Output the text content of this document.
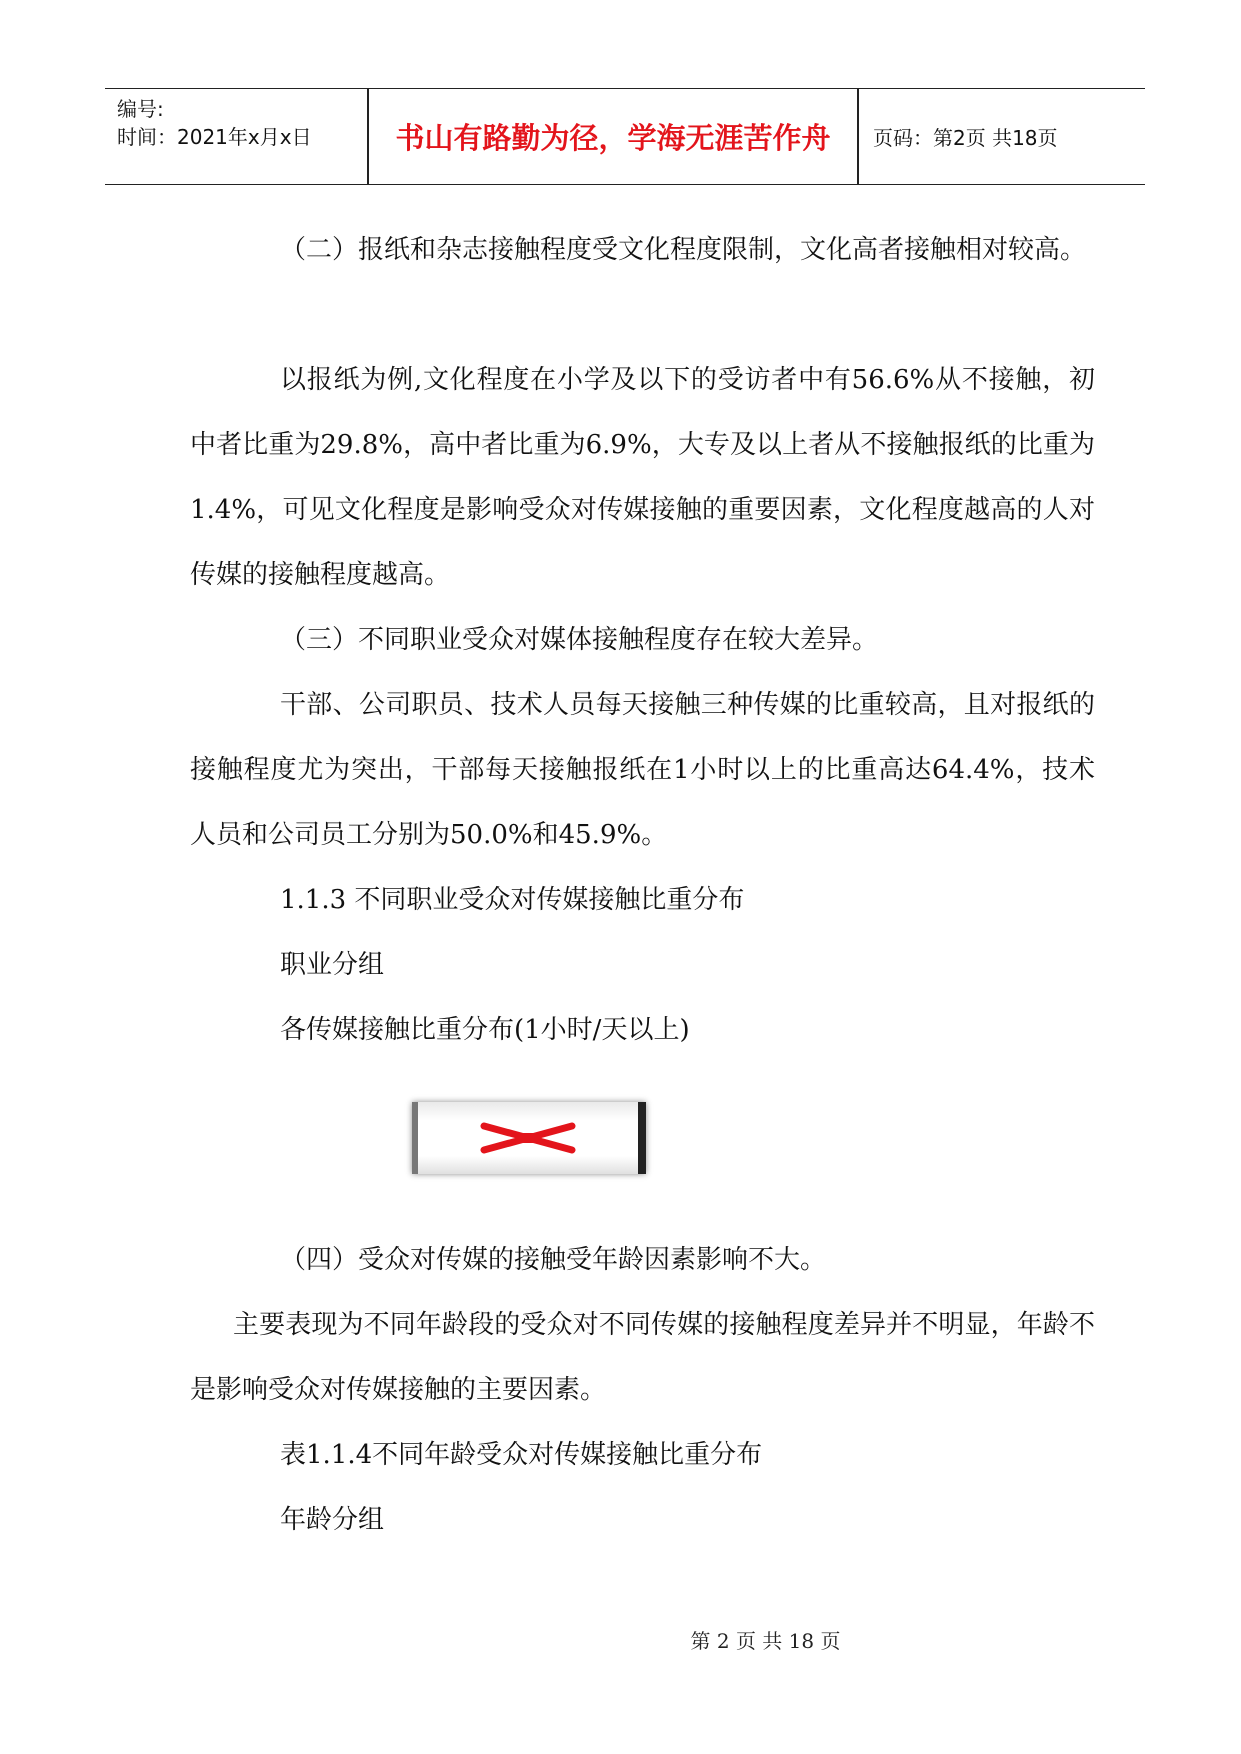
编号:
时间：2021年x月x日	书山有路勤为径，学海无涯苦作舟	页码：第2页 共18页
（二）报纸和杂志接触程度受文化程度限制，文化高者接触相对较高。
以报纸为例,文化程度在小学及以下的受访者中有56.6%从不接触，初中者比重为29.8%，高中者比重为6.9%，大专及以上者从不接触报纸的比重为1.4%，可见文化程度是影响受众对传媒接触的重要因素，文化程度越高的人对 传媒的接触程度越高。
（三）不同职业受众对媒体接触程度存在较大差异。
干部、公司职员、技术人员每天接触三种传媒的比重较高，且对报纸的接触程度尤为突出，干部每天接触报纸在1小时以上的比重高达64.4%，技术人员和公司员工分别为50.0%和45.9%。
1.1.3 不同职业受众对传媒接触比重分布
职业分组
各传媒接触比重分布(1小时/天以上)
（四）受众对传媒的接触受年龄因素影响不大。
主要表现为不同年龄段的受众对不同传媒的接触程度差异并不明显，年龄不是影响受众对传媒接触的主要因素。
表1.1.4不同年龄受众对传媒接触比重分布
年龄分组
第 2 页 共 18 页
